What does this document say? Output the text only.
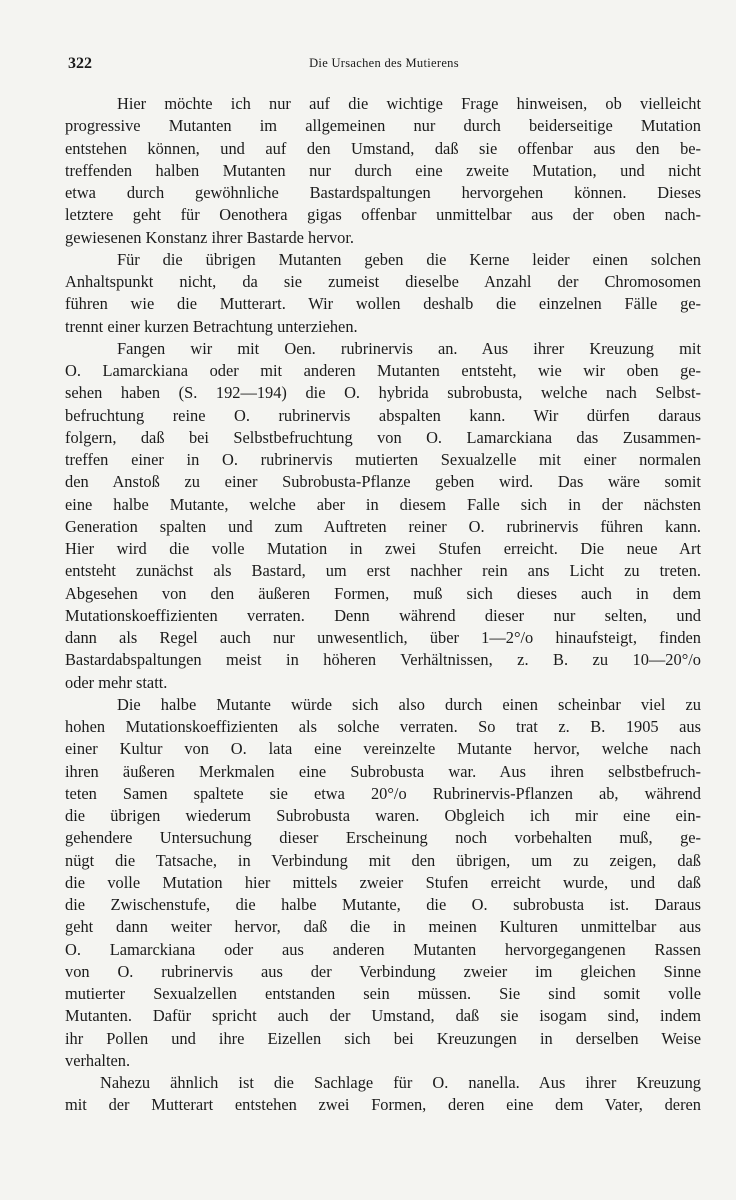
322	Die Ursachen des Mutierens
Hier möchte ich nur auf die wichtige Frage hinweisen, ob vielleicht
progressive Mutanten im allgemeinen nur durch beiderseitige Mutation
entstehen können, und auf den Umstand, daß sie offenbar aus den be-
treffenden halben Mutanten nur durch eine zweite Mutation, und nicht
etwa durch gewöhnliche Bastardspaltungen hervorgehen können. Dieses
letztere geht für Oenothera gigas offenbar unmittelbar aus der oben nach-
gewiesenen Konstanz ihrer Bastarde hervor.
Für die übrigen Mutanten geben die Kerne leider einen solchen
Anhaltspunkt nicht, da sie zumeist dieselbe Anzahl der Chromosomen
führen wie die Mutterart. Wir wollen deshalb die einzelnen Fälle ge-
trennt einer kurzen Betrachtung unterziehen.
Fangen wir mit Oen. rubrinervis an. Aus ihrer Kreuzung mit
O. Lamarckiana oder mit anderen Mutanten entsteht, wie wir oben ge-
sehen haben (S. 192—194) die O. hybrida subrobusta, welche nach Selbst-
befruchtung reine O. rubrinervis abspalten kann. Wir dürfen daraus
folgern, daß bei Selbstbefruchtung von O. Lamarckiana das Zusammen-
treffen einer in O. rubrinervis mutierten Sexualzelle mit einer normalen
den Anstoß zu einer Subrobusta-Pflanze geben wird. Das wäre somit
eine halbe Mutante, welche aber in diesem Falle sich in der nächsten
Generation spalten und zum Auftreten reiner O. rubrinervis führen kann.
Hier wird die volle Mutation in zwei Stufen erreicht. Die neue Art
entsteht zunächst als Bastard, um erst nachher rein ans Licht zu treten.
Abgesehen von den äußeren Formen, muß sich dieses auch in dem
Mutationskoeffizienten verraten. Denn während dieser nur selten, und
dann als Regel auch nur unwesentlich, über 1—2°/o hinaufsteigt, finden
Bastardabspaltungen meist in höheren Verhältnissen, z. B. zu 10—20°/o
oder mehr statt.
Die halbe Mutante würde sich also durch einen scheinbar viel zu
hohen Mutationskoeffizienten als solche verraten. So trat z. B. 1905 aus
einer Kultur von O. lata eine vereinzelte Mutante hervor, welche nach
ihren äußeren Merkmalen eine Subrobusta war. Aus ihren selbstbefruch-
teten Samen spaltete sie etwa 20°/o Rubrinervis-Pflanzen ab, während
die übrigen wiederum Subrobusta waren. Obgleich ich mir eine ein-
gehendere Untersuchung dieser Erscheinung noch vorbehalten muß, ge-
nügt die Tatsache, in Verbindung mit den übrigen, um zu zeigen, daß
die volle Mutation hier mittels zweier Stufen erreicht wurde, und daß
die Zwischenstufe, die halbe Mutante, die O. subrobusta ist. Daraus
geht dann weiter hervor, daß die in meinen Kulturen unmittelbar aus
O. Lamarckiana oder aus anderen Mutanten hervorgegangenen Rassen
von O. rubrinervis aus der Verbindung zweier im gleichen Sinne
mutierter Sexualzellen entstanden sein müssen. Sie sind somit volle
Mutanten. Dafür spricht auch der Umstand, daß sie isogam sind, indem
ihr Pollen und ihre Eizellen sich bei Kreuzungen in derselben Weise
verhalten.
Nahezu ähnlich ist die Sachlage für O. nanella. Aus ihrer Kreuzung
mit der Mutterart entstehen zwei Formen, deren eine dem Vater, deren
